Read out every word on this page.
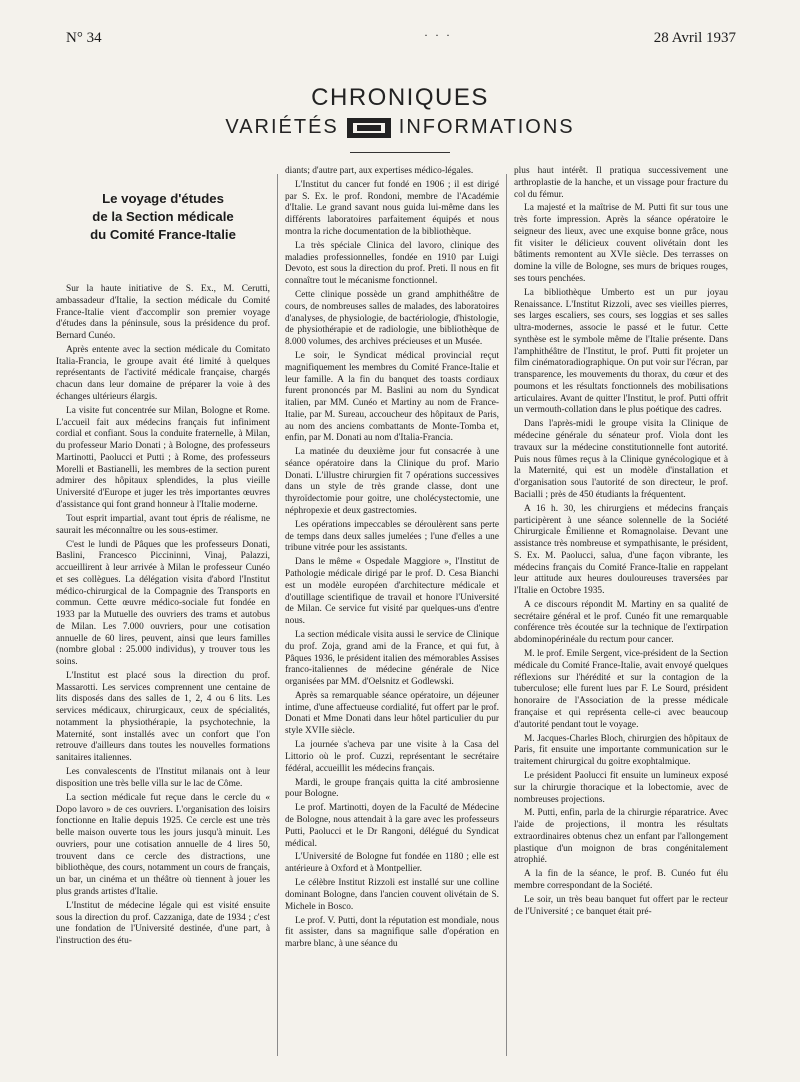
N° 34	· · ·	28 Avril 1937
CHRONIQUES
VARIÉTÉS	INFORMATIONS
Le voyage d'études
de la Section médicale
du Comité France-Italie

Sur la haute initiative de S. Ex., M. Cerutti, ambassadeur d'Italie, la section médicale du Comité France-Italie vient d'accomplir son premier voyage d'études dans la péninsule, sous la présidence du prof. Bernard Cunéo.

Après entente avec la section médicale du Comitato Italia-Francia, le groupe avait été limité à quelques représentants de l'activité médicale française, chargés chacun dans leur domaine de préparer la voie à des échanges ultérieurs élargis.

La visite fut concentrée sur Milan, Bologne et Rome. L'accueil fait aux médecins français fut infiniment cordial et confiant. Sous la conduite fraternelle, à Milan, du professeur Mario Donati ; à Bologne, des professeurs Martinotti, Paolucci et Putti ; à Rome, des professeurs Morelli et Bastianelli, les membres de la section purent admirer des hôpitaux splendides, la plus vieille Université d'Europe et juger les très importantes œuvres d'assistance qui font grand honneur à l'Italie moderne.

Tout esprit impartial, avant tout épris de réalisme, ne saurait les méconnaître ou les sous-estimer.

C'est le lundi de Pâques que les professeurs Donati, Baslini, Francesco Piccininni, Vinaj, Palazzi, accueillirent à leur arrivée à Milan le professeur Cunéo et ses collègues. La délégation visita d'abord l'Institut médico-chirurgical de la Compagnie des Transports en commun. Cette œuvre médico-sociale fut fondée en 1933 par la Mutuelle des ouvriers des trams et autobus de Milan. Les 7.000 ouvriers, pour une cotisation annuelle de 60 lires, peuvent, ainsi que leurs familles (nombre global : 25.000 individus), y trouver tous les soins.

L'Institut est placé sous la direction du prof. Massarotti. Les services comprennent une centaine de lits disposés dans des salles de 1, 2, 4 ou 6 lits. Les services médicaux, chirurgicaux, ceux de spécialités, notamment la physiothérapie, la psychotechnie, la Maternité, sont installés avec un confort que l'on retrouve d'ailleurs dans toutes les nouvelles formations sanitaires italiennes.

Les convalescents de l'Institut milanais ont à leur disposition une très belle villa sur le lac de Côme.

La section médicale fut reçue dans le cercle du « Dopo lavoro » de ces ouvriers. L'organisation des loisirs fonctionne en Italie depuis 1925. Ce cercle est une très belle maison ouverte tous les jours jusqu'à minuit. Les ouvriers, pour une cotisation annuelle de 4 lires 50, trouvent dans ce cercle des distractions, une bibliothèque, des cours, notamment un cours de français, un bar, un cinéma et un théâtre où tiennent à jouer les plus grands artistes d'Italie.

L'Institut de médecine légale qui est visité ensuite sous la direction du prof. Cazzaniga, date de 1934 ; c'est une fondation de l'Université destinée, d'une part, à l'instruction des étu-

diants; d'autre part, aux expertises médico-légales.

L'Institut du cancer fut fondé en 1906 ; il est dirigé par S. Ex. le prof. Rondoni, membre de l'Académie d'Italie. Le grand savant nous guida lui-même dans les différents laboratoires parfaitement équipés et nous montra la riche documentation de la bibliothèque.

La très spéciale Clinica del lavoro, clinique des maladies professionnelles, fondée en 1910 par Luigi Devoto, est sous la direction du prof. Preti. Il nous en fit connaître tout le mécanisme fonctionnel.

Cette clinique possède un grand amphithéâtre de cours, de nombreuses salles de malades, des laboratoires d'analyses, de physiologie, de bactériologie, d'histologie, de physiothérapie et de radiologie, une bibliothèque de 8.000 volumes, des archives précieuses et un Musée.

Le soir, le Syndicat médical provincial reçut magnifiquement les membres du Comité France-Italie et leur famille. A la fin du banquet des toasts cordiaux furent prononcés par M. Baslini au nom du Syndicat italien, par MM. Cunéo et Martiny au nom de France-Italie, par M. Sureau, accoucheur des hôpitaux de Paris, au nom des anciens combattants de Monte-Tomba et, enfin, par M. Donati au nom d'Italia-Francia.

La matinée du deuxième jour fut consacrée à une séance opératoire dans la Clinique du prof. Mario Donati. L'illustre chirurgien fit 7 opérations successives dans un style de très grande classe, dont une thyroïdectomie pour goitre, une cholécystectomie, une néphropexie et deux gastrectomies.

Les opérations impeccables se déroulèrent sans perte de temps dans deux salles jumelées ; l'une d'elles a une tribune vitrée pour les assistants.

Dans le même « Ospedale Maggiore », l'Institut de Pathologie médicale dirigé par le prof. D. Cesa Bianchi est un modèle européen d'architecture médicale et d'outillage scientifique de travail et honore l'Université de Milan. Ce service fut visité par quelques-uns d'entre nous.

La section médicale visita aussi le service de Clinique du prof. Zoja, grand ami de la France, et qui fut, à Pâques 1936, le président italien des mémorables Assises franco-italiennes de médecine générale de Nice organisées par MM. d'Oelsnitz et Godlewski.

Après sa remarquable séance opératoire, un déjeuner intime, d'une affectueuse cordialité, fut offert par le prof. Donati et Mme Donati dans leur hôtel particulier du pur style XVIIe siècle.

La journée s'acheva par une visite à la Casa del Littorio où le prof. Cuzzi, représentant le secrétaire fédéral, accueillit les médecins français.

Mardi, le groupe français quitta la cité ambrosienne pour Bologne.

Le prof. Martinotti, doyen de la Faculté de Médecine de Bologne, nous attendait à la gare avec les professeurs Putti, Paolucci et le Dr Rangoni, délégué du Syndicat médical.

L'Université de Bologne fut fondée en 1180 ; elle est antérieure à Oxford et à Montpellier.

Le célèbre Institut Rizzoli est installé sur une colline dominant Bologne, dans l'ancien couvent olivétain de S. Michele in Bosco.

Le prof. V. Putti, dont la réputation est mondiale, nous fit assister, dans sa magnifique salle d'opération en marbre blanc, à une séance du

plus haut intérêt. Il pratiqua successivement une arthroplastie de la hanche, et un vissage pour fracture du col du fémur.

La majesté et la maîtrise de M. Putti fit sur tous une très forte impression. Après la séance opératoire le seigneur des lieux, avec une exquise bonne grâce, nous fit visiter le délicieux couvent olivétain dont les bâtiments remontent au XVIe siècle. Des terrasses on domine la ville de Bologne, ses murs de briques rouges, ses tours penchées.

La bibliothèque Umberto est un pur joyau Renaissance. L'Institut Rizzoli, avec ses vieilles pierres, ses larges escaliers, ses cours, ses loggias et ses salles ultra-modernes, associe le passé et le futur. Cette synthèse est le symbole même de l'Italie présente. Dans l'amphithéâtre de l'Institut, le prof. Putti fit projeter un film cinématoradiographique. On put voir sur l'écran, par transparence, les mouvements du thorax, du cœur et des poumons et les résultats fonctionnels des mobilisations articulaires. Avant de quitter l'Institut, le prof. Putti offrit un vermouth-collation dans le plus poétique des cadres.

Dans l'après-midi le groupe visita la Clinique de médecine générale du sénateur prof. Viola dont les travaux sur la médecine constitutionnelle font autorité. Puis nous fûmes reçus à la Clinique gynécologique et à la Maternité, qui est un modèle d'installation et d'organisation sous l'autorité de son directeur, le prof. Bacialli ; près de 450 étudiants la fréquentent.

A 16 h. 30, les chirurgiens et médecins français participèrent à une séance solennelle de la Société Chirurgicale Émilienne et Romagnolaise. Devant une assistance très nombreuse et sympathisante, le président, S. Ex. M. Paolucci, salua, d'une façon vibrante, les médecins français du Comité France-Italie en rappelant leur attitude aux heures douloureuses traversées par l'Italie en Octobre 1935.

A ce discours répondit M. Martiny en sa qualité de secrétaire général et le prof. Cunéo fit une remarquable conférence très écoutée sur la technique de l'extirpation abdominopérinéale du rectum pour cancer.

M. le prof. Emile Sergent, vice-président de la Section médicale du Comité France-Italie, avait envoyé quelques réflexions sur l'hérédité et sur la contagion de la tuberculose; elle furent lues par F. Le Sourd, président honoraire de l'Association de la presse médicale française et qui représenta celle-ci avec beaucoup d'autorité pendant tout le voyage.

M. Jacques-Charles Bloch, chirurgien des hôpitaux de Paris, fit ensuite une importante communication sur le traitement chirurgical du goitre exophtalmique.

Le président Paolucci fit ensuite un lumineux exposé sur la chirurgie thoracique et la lobectomie, avec de nombreuses projections.

M. Putti, enfin, parla de la chirurgie réparatrice. Avec l'aide de projections, il montra les résultats extraordinaires obtenus chez un enfant par l'allongement plastique d'un moignon de bras congénitalement atrophié.

A la fin de la séance, le prof. B. Cunéo fut élu membre correspondant de la Société.

Le soir, un très beau banquet fut offert par le recteur de l'Université ; ce banquet était pré-
